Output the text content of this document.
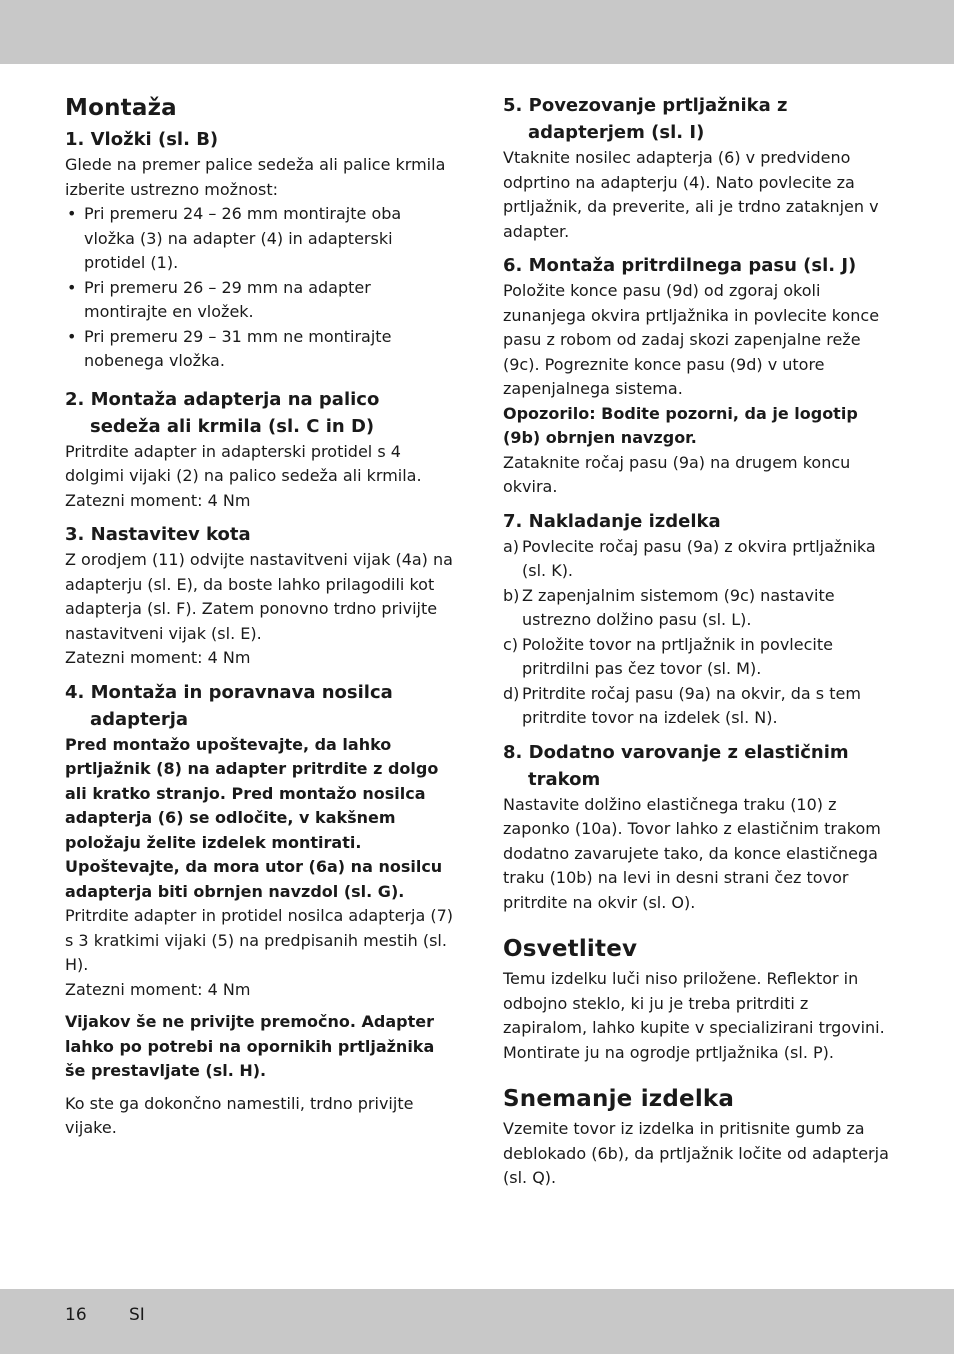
Montaža
1. Vložki (sl. B)

Glede na premer palice sedeža ali palice krmila izberite ustrezno možnost:

• Pri premeru 24 – 26 mm montirajte oba vložka (3) na adapter (4) in adapterski protidel (1).
• Pri premeru 26 – 29 mm na adapter montirajte en vložek.
• Pri premeru 29 – 31 mm ne montirajte nobenega vložka.
2. Montaža adapterja na palico sedeža ali krmila (sl. C in D)

Pritrdite adapter in adapterski protidel s 4 dolgimi vijaki (2) na palico sedeža ali krmila.

Zatezni moment: 4 Nm

3. Nastavitev kota

Z orodjem (11) odvijte nastavitveni vijak (4a) na adapterju (sl. E), da boste lahko prilagodili kot adapterja (sl. F). Zatem ponovno trdno privijte nastavitveni vijak (sl. E).

Zatezni moment: 4 Nm

4. Montaža in poravnava nosilca adapterja

Pred montažo upoštevajte, da lahko prtljažnik (8) na adapter pritrdite z dolgo ali kratko stranjo. Pred montažo nosilca adapterja (6) se odločite, v kakšnem položaju želite izdelek montirati. Upoštevajte, da mora utor (6a) na nosilcu adapterja biti obrnjen navzdol (sl. G).

Pritrdite adapter in protidel nosilca adapterja (7) s 3 kratkimi vijaki (5) na predpisanih mestih (sl. H).

Zatezni moment: 4 Nm

Vijakov še ne privijte premočno. Adapter lahko po potrebi na opornikih prtljažnika še prestavljate (sl. H).

Ko ste ga dokončno namestili, trdno privijte vijake.

5. Povezovanje prtljažnika z adapterjem (sl. I)

Vtaknite nosilec adapterja (6) v predvideno odprtino na adapterju (4). Nato povlecite za prtljažnik, da preverite, ali je trdno zataknjen v adapter.

6. Montaža pritrdilnega pasu (sl. J)

Položite konce pasu (9d) od zgoraj okoli zunanjega okvira prtljažnika in povlecite konce pasu z robom od zadaj skozi zapenjalne reže (9c). Pogreznite konce pasu (9d) v utore zapenjalnega sistema.

Opozorilo: Bodite pozorni, da je logotip (9b) obrnjen navzgor.

Zataknite ročaj pasu (9a) na drugem koncu okvira.

7. Nakladanje izdelka
a) Povlecite ročaj pasu (9a) z okvira prtljažnika (sl. K).
b) Z zapenjalnim sistemom (9c) nastavite ustrezno dolžino pasu (sl. L).
c) Položite tovor na prtljažnik in povlecite pritrdilni pas čez tovor (sl. M).
d) Pritrdite ročaj pasu (9a) na okvir, da s tem pritrdite tovor na izdelek (sl. N).
8. Dodatno varovanje z elastičnim trakom

Nastavite dolžino elastičnega traku (10) z zaponko (10a). Tovor lahko z elastičnim trakom dodatno zavarujete tako, da konce elastičnega traku (10b) na levi in desni strani čez tovor pritrdite na okvir (sl. O).

Osvetlitev

Temu izdelku luči niso priložene. Reflektor in odbojno steklo, ki ju je treba pritrditi z zapiralom, lahko kupite v specializirani trgovini.

Montirate ju na ogrodje prtljažnika (sl. P).

Snemanje izdelka

Vzemite tovor iz izdelka in pritisnite gumb za deblokado (6b), da prtljažnik ločite od adapterja (sl. Q).

16 SI
